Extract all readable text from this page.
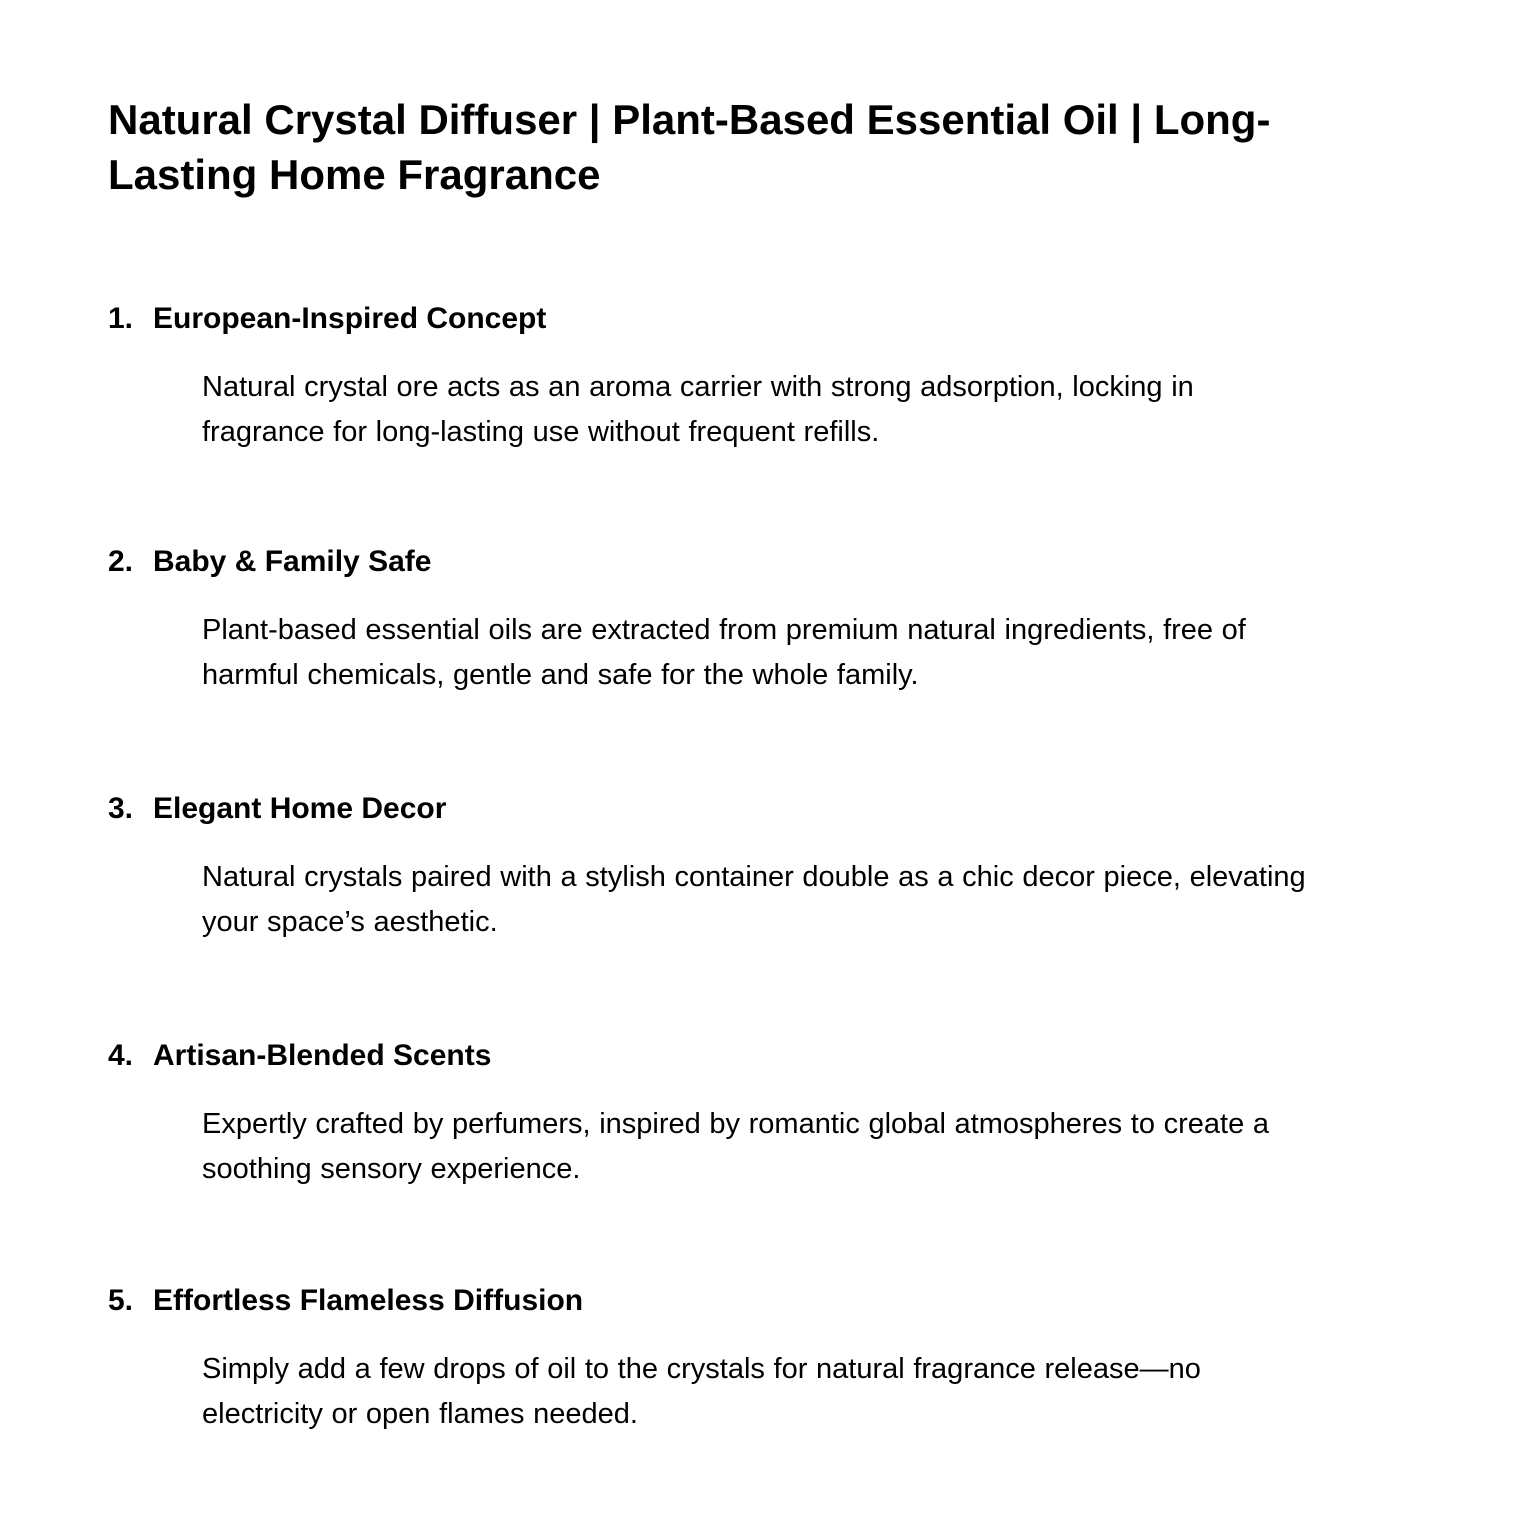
Natural Crystal Diffuser | Plant-Based Essential Oil | Long-
Lasting Home Fragrance
1. European-Inspired Concept
Natural crystal ore acts as an aroma carrier with strong adsorption, locking in
fragrance for long-lasting use without frequent refills.
2. Baby & Family Safe
Plant-based essential oils are extracted from premium natural ingredients, free of
harmful chemicals, gentle and safe for the whole family.
3. Elegant Home Decor
Natural crystals paired with a stylish container double as a chic decor piece, elevating
your space’s aesthetic.
4. Artisan-Blended Scents
Expertly crafted by perfumers, inspired by romantic global atmospheres to create a
soothing sensory experience.
5. Effortless Flameless Diffusion
Simply add a few drops of oil to the crystals for natural fragrance release—no
electricity or open flames needed.
